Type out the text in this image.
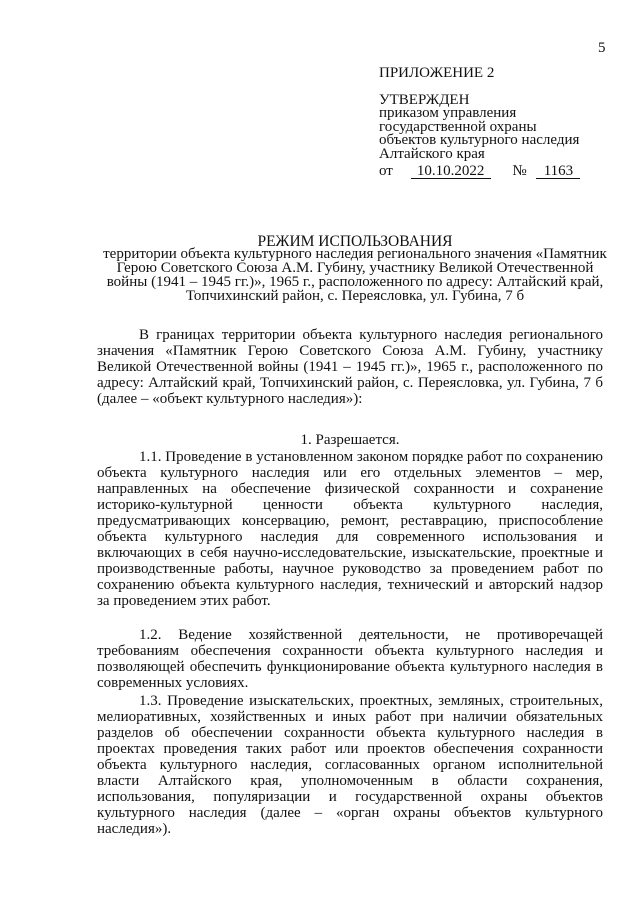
5
ПРИЛОЖЕНИЕ 2
УТВЕРЖДЕН
приказом управления
государственной охраны
объектов культурного наследия
Алтайского края
от 10.10.2022 № 1163
РЕЖИМ ИСПОЛЬЗОВАНИЯ
территории объекта культурного наследия регионального значения «Памятник Герою Советского Союза А.М. Губину, участнику Великой Отечественной войны (1941 – 1945 гг.)», 1965 г., расположенного по адресу: Алтайский край, Топчихинский район, с. Переясловка, ул. Губина, 7 б
В границах территории объекта культурного наследия регионального значения «Памятник Герою Советского Союза А.М. Губину, участнику Великой Отечественной войны (1941 – 1945 гг.)», 1965 г., расположенного по адресу: Алтайский край, Топчихинский район, с. Переясловка, ул. Губина, 7 б (далее – «объект культурного наследия»):
1. Разрешается.
1.1. Проведение в установленном законом порядке работ по сохранению объекта культурного наследия или его отдельных элементов – мер, направленных на обеспечение физической сохранности и сохранение историко-культурной ценности объекта культурного наследия, предусматривающих консервацию, ремонт, реставрацию, приспособление объекта культурного наследия для современного использования и включающих в себя научно-исследовательские, изыскательские, проектные и производственные работы, научное руководство за проведением работ по сохранению объекта культурного наследия, технический и авторский надзор за проведением этих работ.
1.2. Ведение хозяйственной деятельности, не противоречащей требованиям обеспечения сохранности объекта культурного наследия и позволяющей обеспечить функционирование объекта культурного наследия в современных условиях.
1.3. Проведение изыскательских, проектных, земляных, строительных, мелиоративных, хозяйственных и иных работ при наличии обязательных разделов об обеспечении сохранности объекта культурного наследия в проектах проведения таких работ или проектов обеспечения сохранности объекта культурного наследия, согласованных органом исполнительной власти Алтайского края, уполномоченным в области сохранения, использования, популяризации и государственной охраны объектов культурного наследия (далее – «орган охраны объектов культурного наследия»).
